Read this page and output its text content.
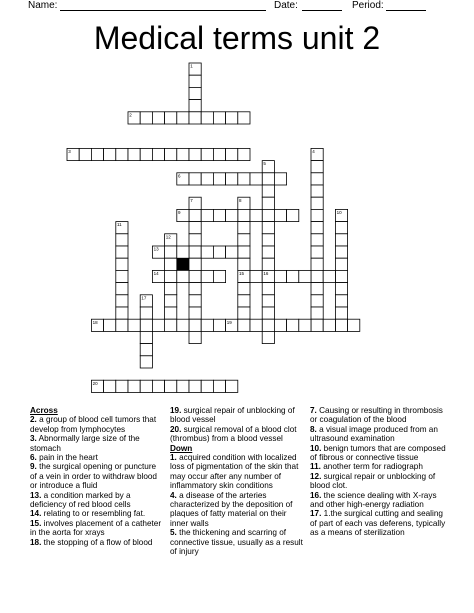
Name:	Date:	Period:
Medical terms unit 2
1
2
3	4
5
6
7	8
9	10
11
12
13
14	15	16
17
18	19
20
Across
2. a group of blood cell tumors that develop from lymphocytes
3. Abnormally large size of the stomach
6. pain in the heart
9. the surgical opening or puncture of a vein in order to withdraw blood or introduce a fluid
13. a condition marked by a deficiency of red blood cells
14. relating to or resembling fat.
15. involves placement of a catheter in the aorta for xrays
18. the stopping of a flow of blood
19. surgical repair of unblocking of blood vessel
20. surgical removal of a blood clot (thrombus) from a blood vessel
Down
1. acquired condition with localized loss of pigmentation of the skin that may occur after any number of inflammatory skin conditions
4. a disease of the arteries characterized by the deposition of plaques of fatty material on their inner walls
5. the thickening and scarring of connective tissue, usually as a result of injury
7. Causing or resulting in thrombosis or coagulation of the blood
8. a visual image produced from an ultrasound examination
10. benign tumors that are composed of fibrous or connective tissue
11. another term for radiograph
12. surgical repair or unblocking of blood clot.
16. the science dealing with X-rays and other high-energy radiation
17. 1.the surgical cutting and sealing of part of each vas deferens, typically as a means of sterilization
